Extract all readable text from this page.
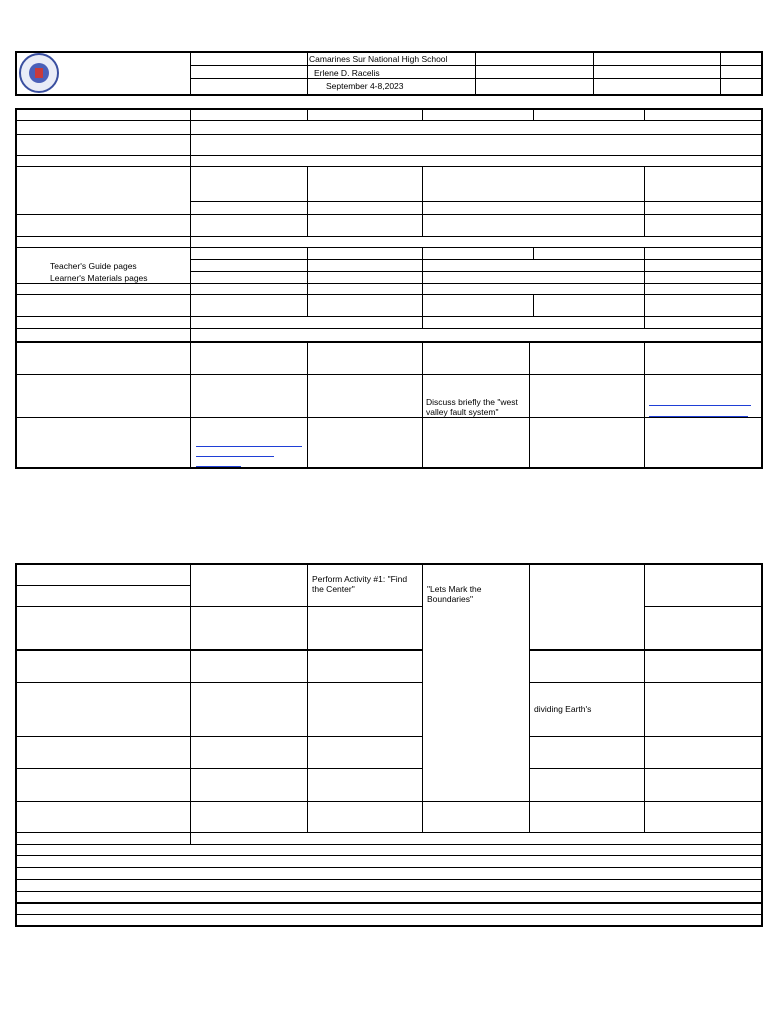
Camarines Sur National High School
Erlene D. Racelis
September 4-8,2023
Teacher's Guide pages
Learner's Materials pages
Discuss briefly the "west valley fault system"
Perform Activity #1: "Find the Center"	"Lets Mark the Boundaries"
dividing Earth's
